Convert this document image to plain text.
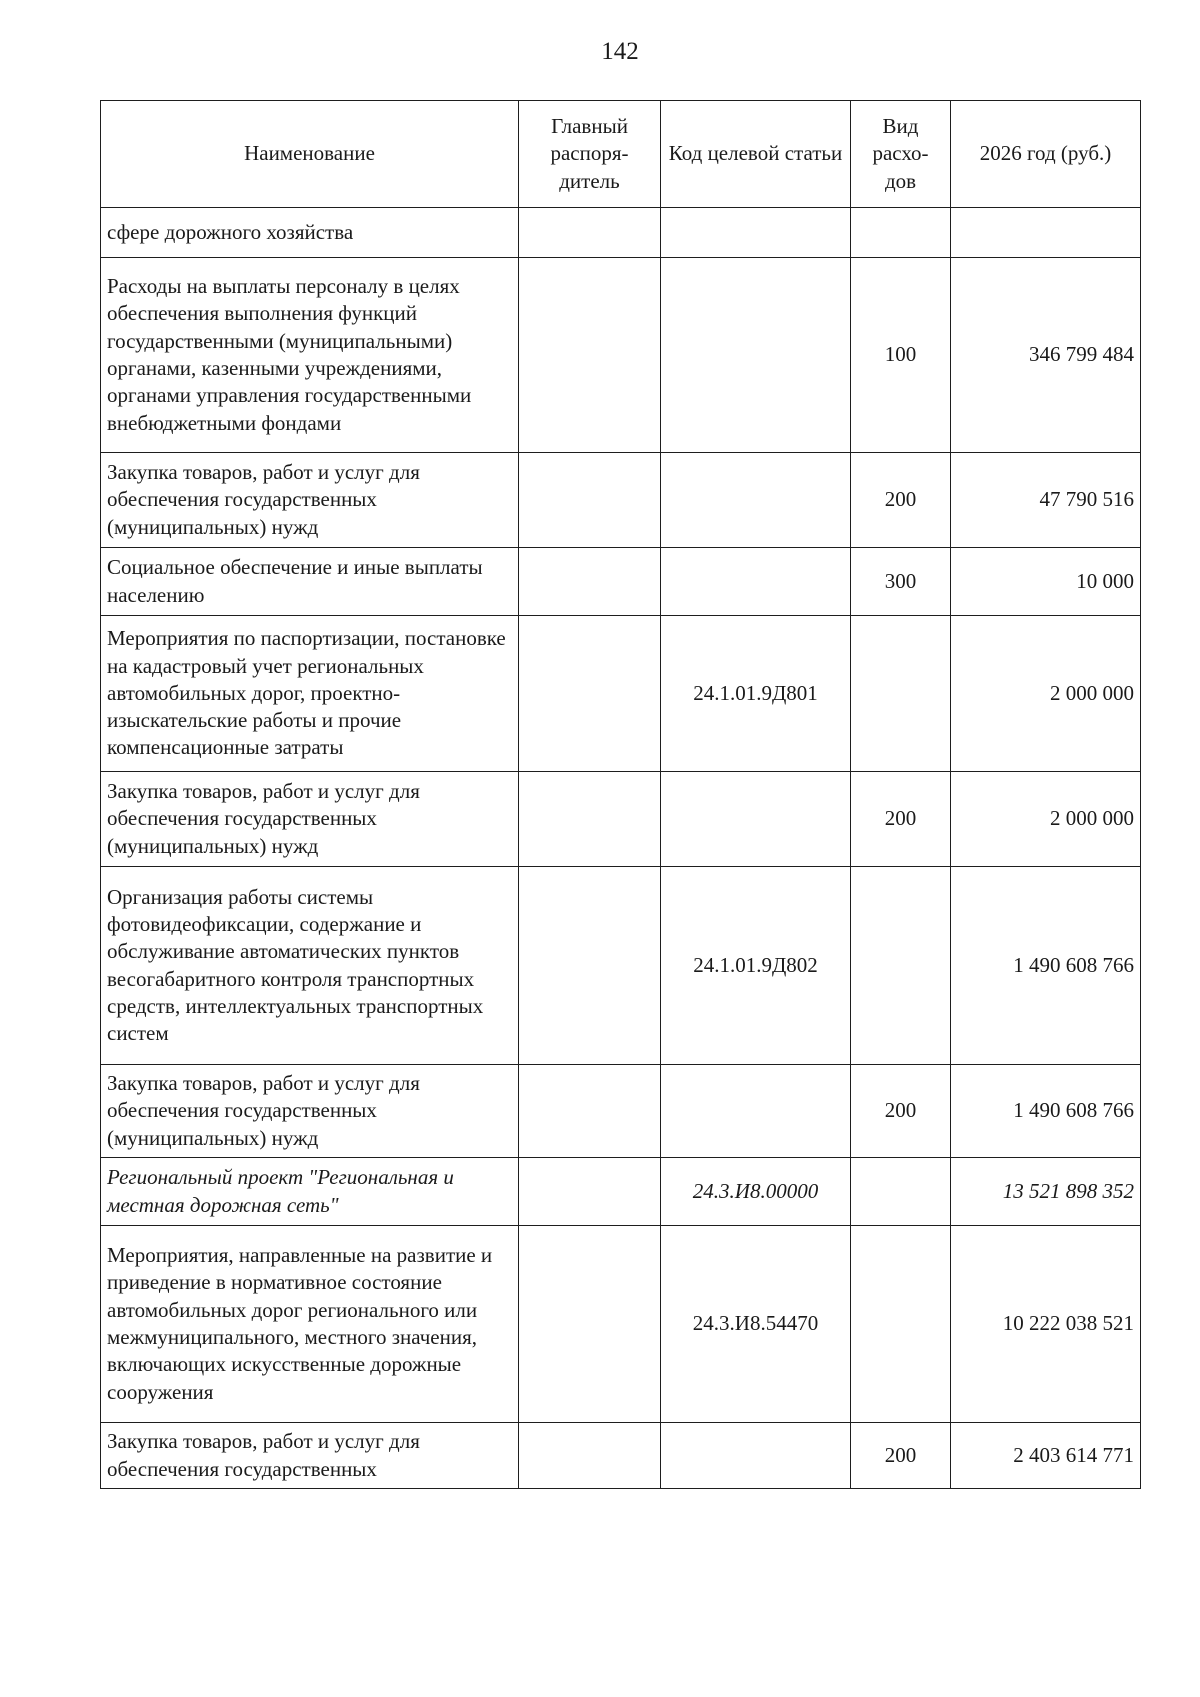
142
Наименование	Главный распоря-дитель	Код целевой статьи	Вид расхо-дов	2026 год (руб.)
сфере дорожного хозяйства				
Расходы на выплаты персоналу в целях обеспечения выполнения функций государственными (муниципальными) органами, казенными учреждениями, органами управления государственными внебюджетными фондами			100	346 799 484
Закупка товаров, работ и услуг для обеспечения государственных (муниципальных) нужд			200	47 790 516
Социальное обеспечение и иные выплаты населению			300	10 000
Мероприятия по паспортизации, постановке на кадастровый учет региональных автомобильных дорог, проектно-изыскательские работы и прочие компенсационные затраты		24.1.01.9Д801		2 000 000
Закупка товаров, работ и услуг для обеспечения государственных (муниципальных) нужд			200	2 000 000
Организация работы системы фотовидеофиксации, содержание и обслуживание автоматических пунктов весогабаритного контроля транспортных средств, интеллектуальных транспортных систем		24.1.01.9Д802		1 490 608 766
Закупка товаров, работ и услуг для обеспечения государственных (муниципальных) нужд			200	1 490 608 766
Региональный проект "Региональная и местная дорожная сеть"		24.3.И8.00000		13 521 898 352
Мероприятия, направленные на развитие и приведение в нормативное состояние автомобильных дорог регионального или межмуниципального, местного значения, включающих искусственные дорожные сооружения		24.3.И8.54470		10 222 038 521
Закупка товаров, работ и услуг для обеспечения государственных			200	2 403 614 771
